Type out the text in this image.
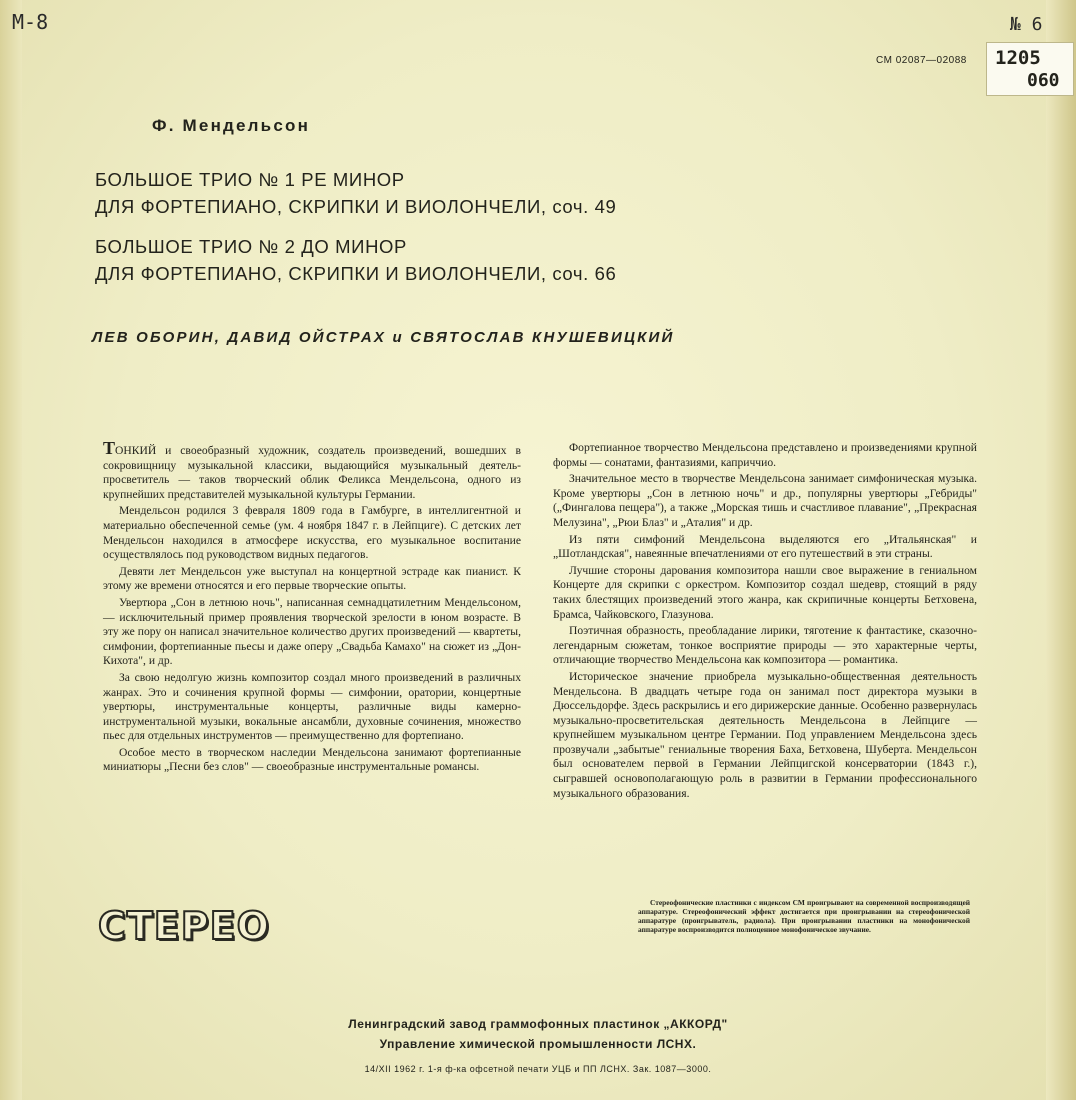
М-8	№ 6
1205
060
СМ 02087—02088
Ф. Мендельсон
БОЛЬШОЕ ТРИО № 1 РЕ МИНОР
ДЛЯ ФОРТЕПИАНО, СКРИПКИ И ВИОЛОНЧЕЛИ, соч. 49
БОЛЬШОЕ ТРИО № 2 ДО МИНОР
ДЛЯ ФОРТЕПИАНО, СКРИПКИ И ВИОЛОНЧЕЛИ, соч. 66
ЛЕВ ОБОРИН, ДАВИД ОЙСТРАХ и СВЯТОСЛАВ КНУШЕВИЦКИЙ

ТОНКИЙ и своеобразный художник, создатель произведений, вошедших в сокровищницу музыкальной классики, выдающийся музыкальный деятель-просветитель — таков творческий облик Феликса Мендельсона, одного из крупнейших представителей музыкальной культуры Германии.

Мендельсон родился 3 февраля 1809 года в Гамбурге, в интеллигентной и материально обеспеченной семье (ум. 4 ноября 1847 г. в Лейпциге). С детских лет Мендельсон находился в атмосфере искусства, его музыкальное воспитание осуществлялось под руководством видных педагогов.

Девяти лет Мендельсон уже выступал на концертной эстраде как пианист. К этому же времени относятся и его первые творческие опыты.

Увертюра „Сон в летнюю ночь", написанная семнадцатилетним Мендельсоном, — исключительный пример проявления творческой зрелости в юном возрасте. В эту же пору он написал значительное количество других произведений — квартеты, симфонии, фортепианные пьесы и даже оперу „Свадьба Камахо" на сюжет из „Дон-Кихота", и др.

За свою недолгую жизнь композитор создал много произведений в различных жанрах. Это и сочинения крупной формы — симфонии, оратории, концертные увертюры, инструментальные концерты, различные виды камерно-инструментальной музыки, вокальные ансамбли, духовные сочинения, множество пьес для отдельных инструментов — преимущественно для фортепиано.

Особое место в творческом наследии Мендельсона занимают фортепианные миниатюры „Песни без слов" — своеобразные инструментальные романсы.

Фортепианное творчество Мендельсона представлено и произведениями крупной формы — сонатами, фантазиями, каприччио.

Значительное место в творчестве Мендельсона занимает симфоническая музыка. Кроме увертюры „Сон в летнюю ночь" и др., популярны увертюры „Гебриды" („Фингалова пещера"), а также „Морская тишь и счастливое плавание", „Прекрасная Мелузина", „Рюи Блаз" и „Аталия" и др.

Из пяти симфоний Мендельсона выделяются его „Итальянская" и „Шотландская", навеянные впечатлениями от его путешествий в эти страны.

Лучшие стороны дарования композитора нашли свое выражение в гениальном Концерте для скрипки с оркестром. Композитор создал шедевр, стоящий в ряду таких блестящих произведений этого жанра, как скрипичные концерты Бетховена, Брамса, Чайковского, Глазунова.

Поэтичная образность, преобладание лирики, тяготение к фантастике, сказочно-легендарным сюжетам, тонкое восприятие природы — это характерные черты, отличающие творчество Мендельсона как композитора — романтика.

Историческое значение приобрела музыкально-общественная деятельность Мендельсона. В двадцать четыре года он занимал пост директора музыки в Дюссельдорфе. Здесь раскрылись и его дирижерские данные. Особенно развернулась музыкально-просветительская деятельность Мендельсона в Лейпциге — крупнейшем музыкальном центре Германии. Под управлением Мендельсона здесь прозвучали „забытые" гениальные творения Баха, Бетховена, Шуберта. Мендельсон был основателем первой в Германии Лейпцигской консерватории (1843 г.), сыгравшей основополагающую роль в развитии в Германии профессионального музыкального образования.

СТЕРЕО

Стереофонические пластинки с индексом СМ проигрывают на современной воспроизводящей аппаратуре. Стереофонический эффект достигается при проигрывании на стереофонической аппаратуре (проигрыватель, радиола). При проигрывании пластинки на монофонической аппаратуре воспроизводится полноценное монофоническое звучание.

Ленинградский завод граммофонных пластинок „АККОРД"
Управление химической промышленности ЛСНХ.
14/XII 1962 г. 1-я ф-ка офсетной печати УЦБ и ПП ЛСНХ. Зак. 1087—3000.
